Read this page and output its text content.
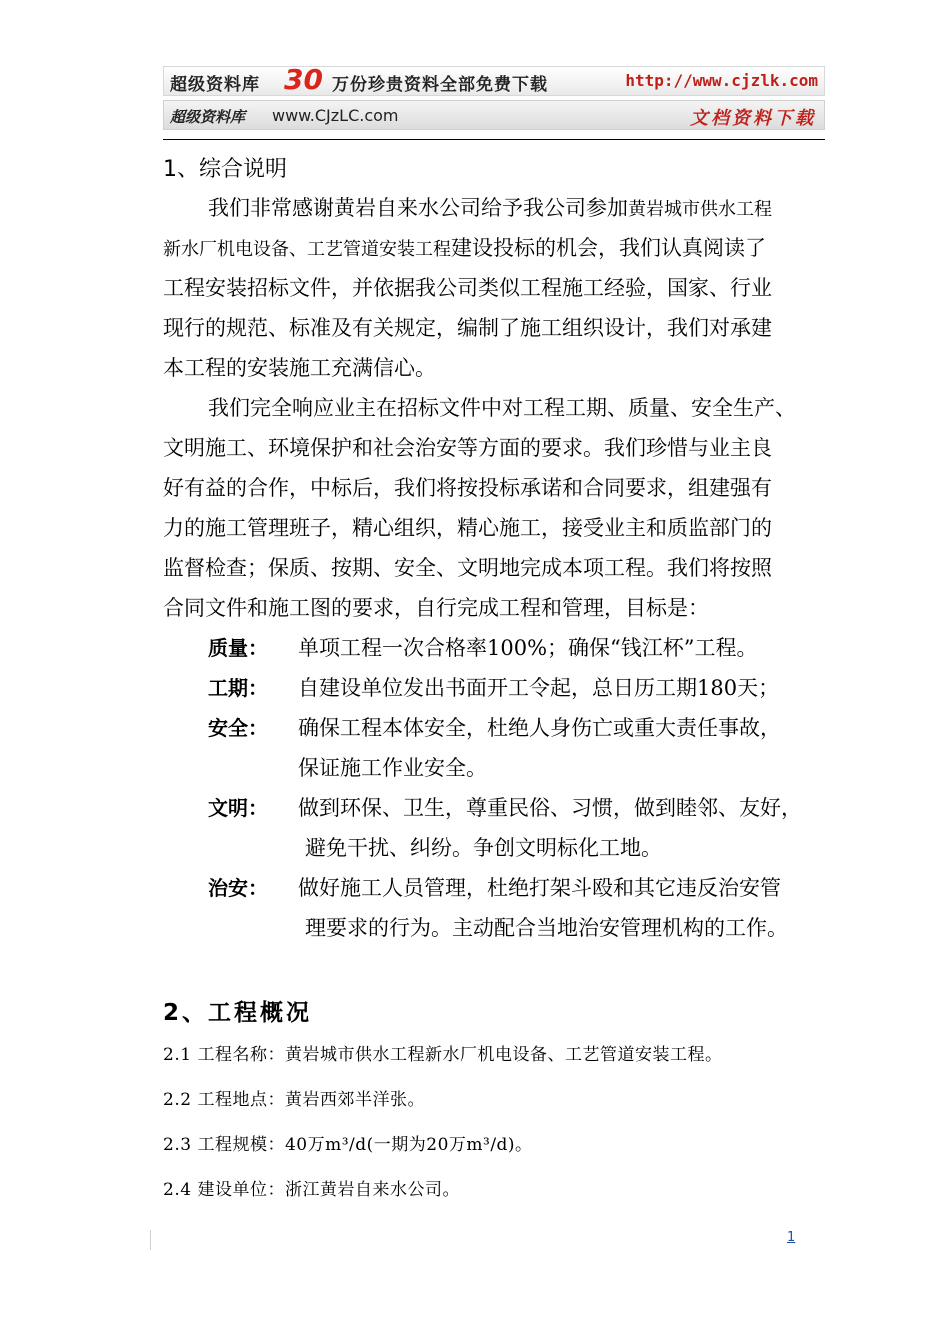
超级资料库 30 万份珍贵资料全部免费下载	http://www.cjzlk.com
超级资料库 www.CJzLC.com	文档资料下载
1、综合说明
我们非常感谢黄岩自来水公司给予我公司参加黄岩城市供水工程
新水厂机电设备、工艺管道安装工程建设投标的机会，我们认真阅读了
工程安装招标文件，并依据我公司类似工程施工经验，国家、行业
现行的规范、标准及有关规定，编制了施工组织设计，我们对承建
本工程的安装施工充满信心。
我们完全响应业主在招标文件中对工程工期、质量、安全生产、
文明施工、环境保护和社会治安等方面的要求。我们珍惜与业主良
好有益的合作，中标后，我们将按投标承诺和合同要求，组建强有
力的施工管理班子，精心组织，精心施工，接受业主和质监部门的
监督检查；保质、按期、安全、文明地完成本项工程。我们将按照
合同文件和施工图的要求，自行完成工程和管理，目标是：
质量： 单项工程一次合格率100%；确保“钱江杯”工程。
工期： 自建设单位发出书面开工令起，总日历工期180天；
安全： 确保工程本体安全，杜绝人身伤亡或重大责任事故，
保证施工作业安全。
文明： 做到环保、卫生，尊重民俗、习惯，做到睦邻、友好，
避免干扰、纠纷。争创文明标化工地。
治安： 做好施工人员管理，杜绝打架斗殴和其它违反治安管
理要求的行为。主动配合当地治安管理机构的工作。
2、工程概况
2.1 工程名称：黄岩城市供水工程新水厂机电设备、工艺管道安装工程。
2.2 工程地点：黄岩西郊半洋张。
2.3 工程规模：40万m³/d(一期为20万m³/d)。
2.4 建设单位：浙江黄岩自来水公司。
1
